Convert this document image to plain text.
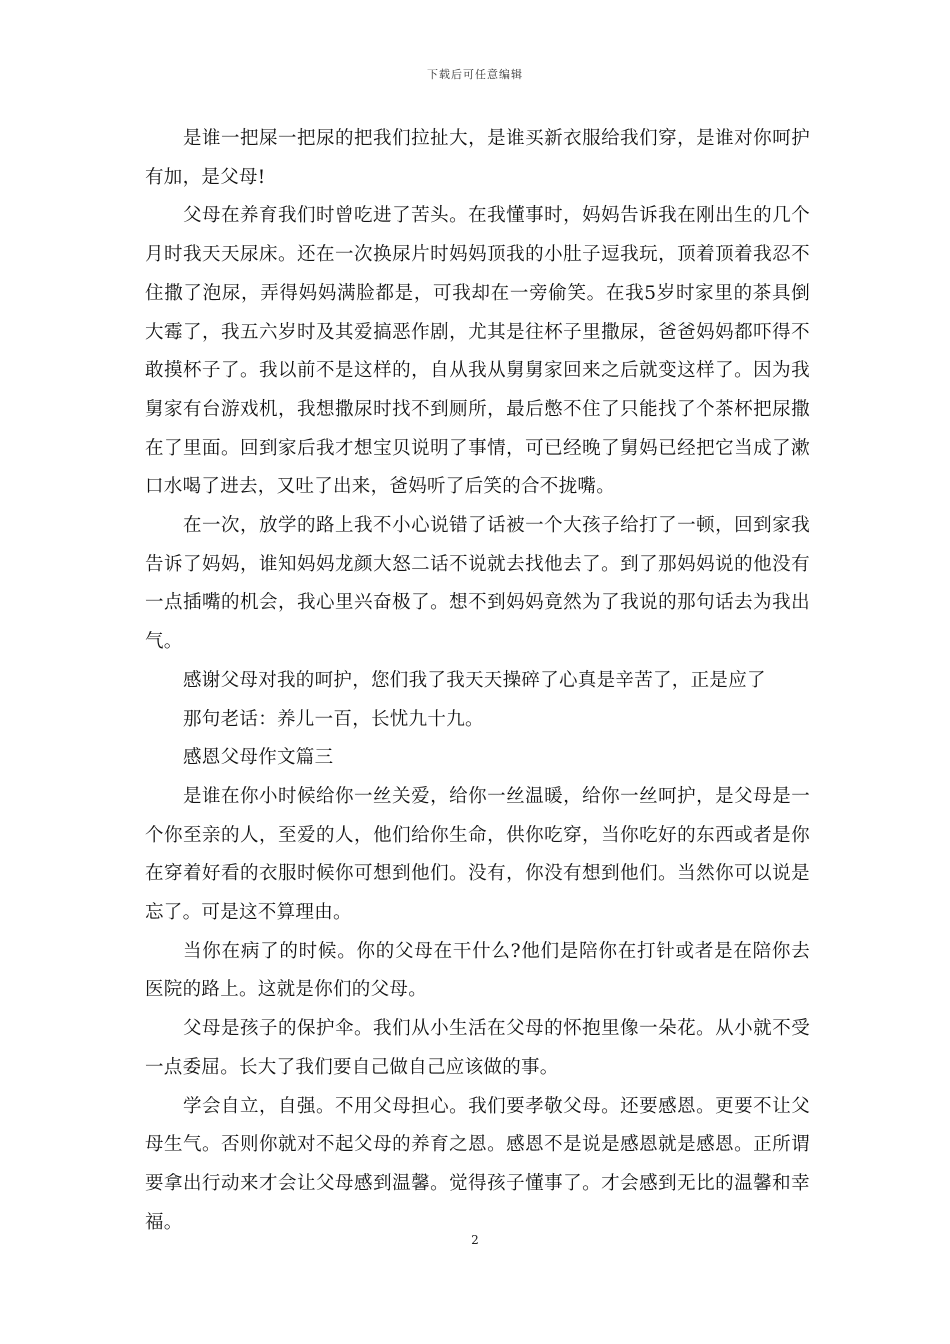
下载后可任意编辑

是谁一把屎一把尿的把我们拉扯大，是谁买新衣服给我们穿，是谁对你呵护有加，是父母!

父母在养育我们时曾吃进了苦头。在我懂事时，妈妈告诉我在刚出生的几个月时我天天尿床。还在一次换尿片时妈妈顶我的小肚子逗我玩，顶着顶着我忍不住撒了泡尿，弄得妈妈满脸都是，可我却在一旁偷笑。在我5岁时家里的茶具倒大霉了，我五六岁时及其爱搞恶作剧，尤其是往杯子里撒尿，爸爸妈妈都吓得不敢摸杯子了。我以前不是这样的，自从我从舅舅家回来之后就变这样了。因为我舅家有台游戏机，我想撒尿时找不到厕所，最后憋不住了只能找了个茶杯把尿撒在了里面。回到家后我才想宝贝说明了事情，可已经晚了舅妈已经把它当成了漱口水喝了进去，又吐了出来，爸妈听了后笑的合不拢嘴。

在一次，放学的路上我不小心说错了话被一个大孩子给打了一顿，回到家我告诉了妈妈，谁知妈妈龙颜大怒二话不说就去找他去了。到了那妈妈说的他没有一点插嘴的机会，我心里兴奋极了。想不到妈妈竟然为了我说的那句话去为我出气。

感谢父母对我的呵护，您们我了我天天操碎了心真是辛苦了，正是应了

那句老话：养儿一百，长忧九十九。

感恩父母作文篇三

是谁在你小时候给你一丝关爱，给你一丝温暖，给你一丝呵护，是父母是一个你至亲的人，至爱的人，他们给你生命，供你吃穿，当你吃好的东西或者是你在穿着好看的衣服时候你可想到他们。没有，你没有想到他们。当然你可以说是忘了。可是这不算理由。

当你在病了的时候。你的父母在干什么?他们是陪你在打针或者是在陪你去医院的路上。这就是你们的父母。

父母是孩子的保护伞。我们从小生活在父母的怀抱里像一朵花。从小就不受一点委屈。长大了我们要自己做自己应该做的事。

学会自立，自强。不用父母担心。我们要孝敬父母。还要感恩。更要不让父母生气。否则你就对不起父母的养育之恩。感恩不是说是感恩就是感恩。正所谓要拿出行动来才会让父母感到温馨。觉得孩子懂事了。才会感到无比的温馨和幸福。

2
